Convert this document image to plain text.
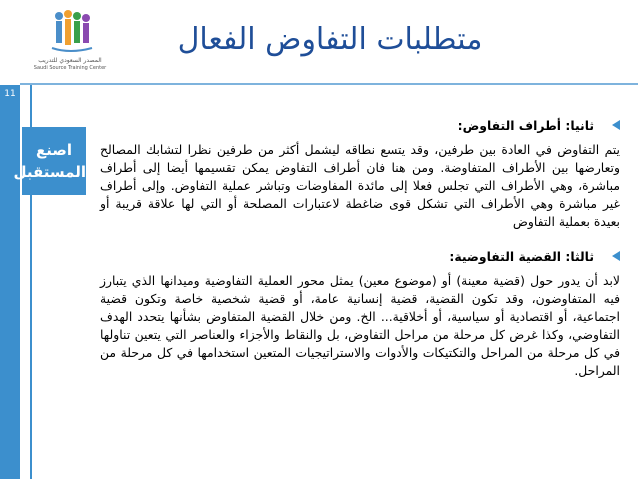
المصدر السعودي للتدريب
Saudi Source Training Center
متطلبات التفاوض الفعال
11
اصنع
المستقبل
ثانيا: أطراف التفاوض:
يتم التفاوض في العادة بين طرفين، وقد يتسع نطاقه ليشمل أكثر من طرفين نظرا لتشابك المصالح وتعارضها بين الأطراف المتفاوضة. ومن هنا فان أطراف التفاوض يمكن تقسيمها أيضا إلى أطراف مباشرة، وهي الأطراف التي تجلس فعلا إلى مائدة المفاوضات وتباشر عملية التفاوض. وإلى أطراف غير مباشرة وهي الأطراف التي تشكل قوى ضاغطة لاعتبارات المصلحة أو التي لها علاقة قريبة أو بعيدة بعملية التفاوض
ثالثا: القضية التفاوضية:
لابد أن يدور حول (قضية معينة) أو (موضوع معين) يمثل محور العملية التفاوضية وميدانها الذي يتبارز فيه المتفاوضون، وقد تكون القضية، قضية إنسانية عامة، أو قضية شخصية خاصة وتكون قضية اجتماعية، أو اقتصادية أو سياسية، أو أخلاقية... الخ. ومن خلال القضية المتفاوض بشأنها يتحدد الهدف التفاوضي، وكذا غرض كل مرحلة من مراحل التفاوض، بل والنقاط والأجزاء والعناصر التي يتعين تناولها في كل مرحلة من المراحل والتكتيكات والأدوات والاستراتيجيات المتعين استخدامها في كل مرحلة من المراحل.
